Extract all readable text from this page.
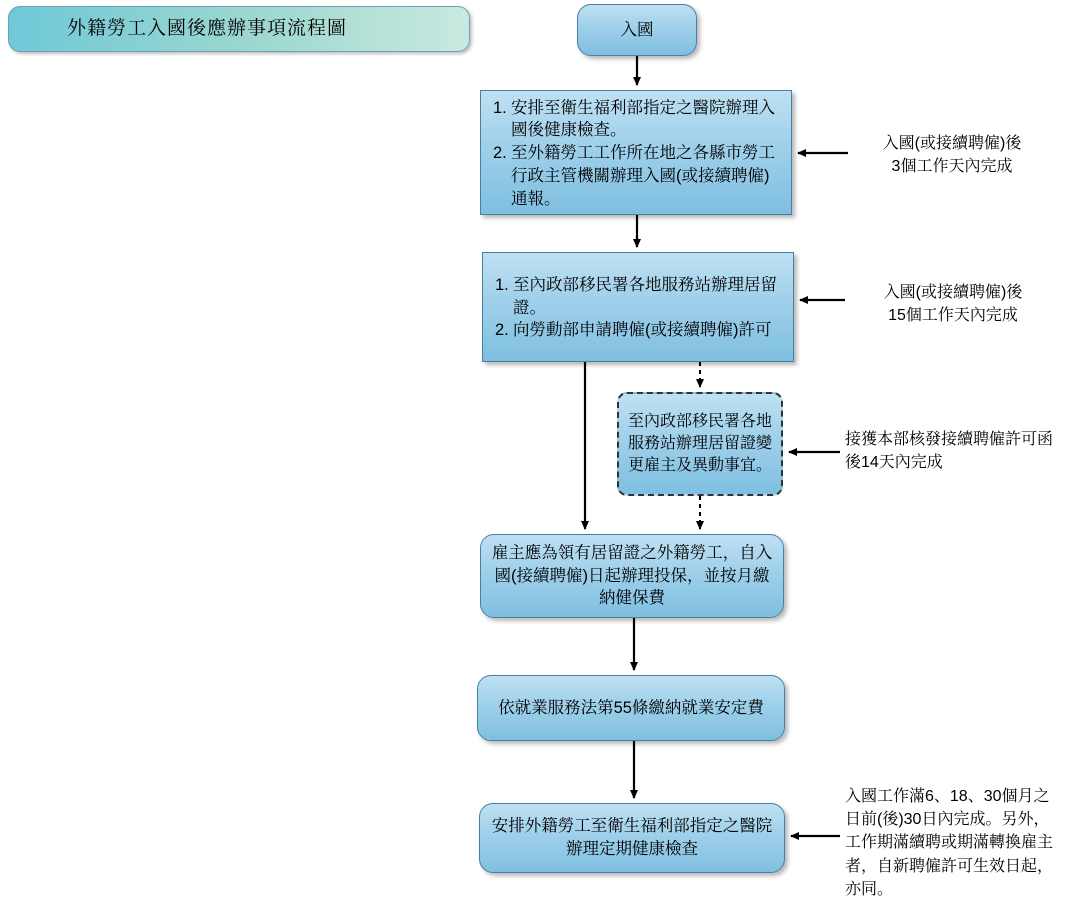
外籍勞工入國後應辦事項流程圖	入國
1. 安排至衛生福利部指定之醫院辦理入國後健康檢查。
2. 至外籍勞工工作所在地之各縣市勞工行政主管機關辦理入國(或接續聘僱)通報。
1. 至內政部移民署各地服務站辦理居留證。
2. 向勞動部申請聘僱(或接續聘僱)許可
至內政部移民署各地服務站辦理居留證變更雇主及異動事宜。
雇主應為領有居留證之外籍勞工，自入國(接續聘僱)日起辦理投保，並按月繳納健保費
依就業服務法第55條繳納就業安定費
安排外籍勞工至衛生福利部指定之醫院辦理定期健康檢查
入國(或接續聘僱)後
3個工作天內完成
入國(或接續聘僱)後
15個工作天內完成
接獲本部核發接續聘僱許可函後14天內完成
入國工作滿6、18、30個月之日前(後)30日內完成。另外，工作期滿續聘或期滿轉換雇主者，自新聘僱許可生效日起，亦同。
